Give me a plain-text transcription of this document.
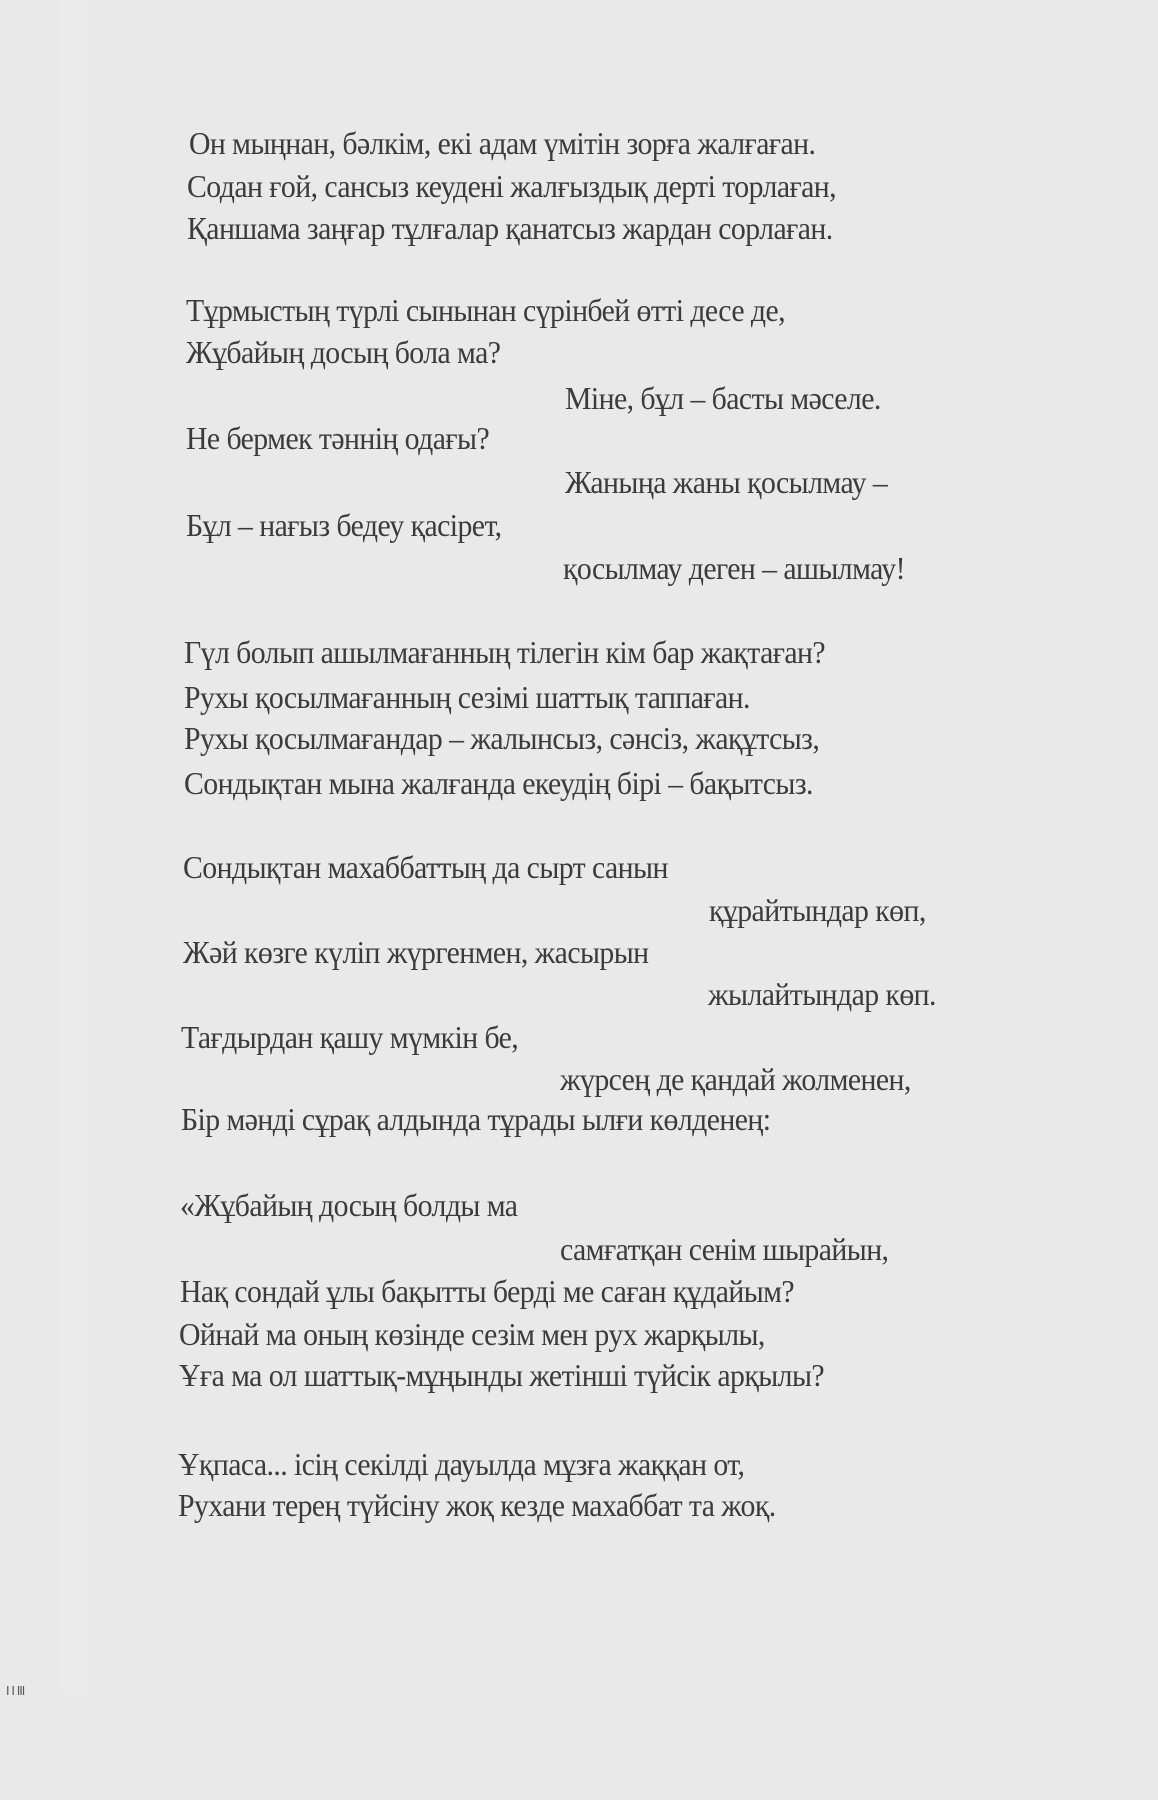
Он мыңнан, бәлкім, екі адам үмітін зорға жалғаған.
Содан ғой, сансыз кеудені жалғыздық дерті торлаған,
Қаншама заңғар тұлғалар қанатсыз жардан сорлаған.
Тұрмыстың түрлі сынынан сүрінбей өтті десе де,
Жұбайың досың бола ма?
Міне, бұл – басты мәселе.
Не бермек тәннің одағы?
Жаныңа жаны қосылмау –
Бұл – нағыз бедеу қасірет,
қосылмау деген – ашылмау!
Гүл болып ашылмағанның тілегін кім бар жақтаған?
Рухы қосылмағанның сезімі шаттық таппаған.
Рухы қосылмағандар – жалынсыз, сәнсіз, жақұтсыз,
Сондықтан мына жалғанда екеудің бірі – бақытсыз.
Сондықтан махаббаттың да сырт санын
құрайтындар көп,
Жәй көзге күліп жүргенмен, жасырын
жылайтындар көп.
Тағдырдан қашу мүмкін бе,
жүрсең де қандай жолменен,
Бір мәнді сұрақ алдында тұрады ылғи көлденең:
«Жұбайың досың болды ма
самғатқан сенім шырайын,
Нақ сондай ұлы бақытты берді ме саған құдайым?
Ойнай ма оның көзінде сезім мен рух жарқылы,
Ұға ма ол шаттық-мұңынды жетінші түйсік арқылы?
Ұқпаса... ісің секілді дауылда мұзға жаққан от,
Рухани терең түйсіну жоқ кезде махаббат та жоқ.
I I III
